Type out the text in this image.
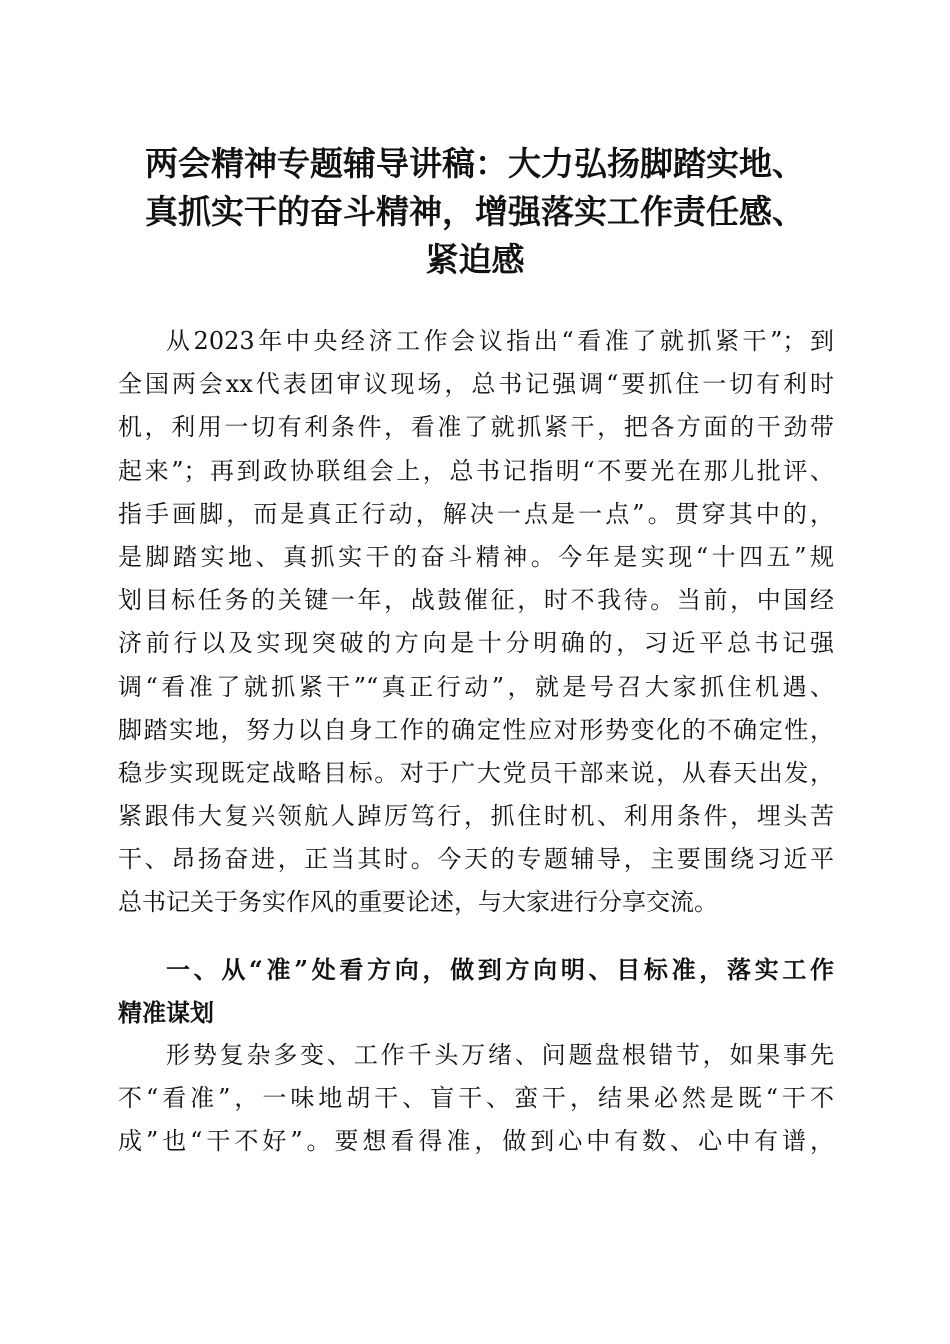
两会精神专题辅导讲稿：大力弘扬脚踏实地、
真抓实干的奋斗精神，增强落实工作责任感、
紧迫感
从2023年中央经济工作会议指出“看准了就抓紧干”；到
全国两会xx代表团审议现场，总书记强调“要抓住一切有利时
机，利用一切有利条件，看准了就抓紧干，把各方面的干劲带
起来”；再到政协联组会上，总书记指明“不要光在那儿批评、
指手画脚，而是真正行动，解决一点是一点”。贯穿其中的，
是脚踏实地、真抓实干的奋斗精神。今年是实现“十四五”规
划目标任务的关键一年，战鼓催征，时不我待。当前，中国经
济前行以及实现突破的方向是十分明确的，习近平总书记强
调“看准了就抓紧干”“真正行动”，就是号召大家抓住机遇、
脚踏实地，努力以自身工作的确定性应对形势变化的不确定性，
稳步实现既定战略目标。对于广大党员干部来说，从春天出发，
紧跟伟大复兴领航人踔厉笃行，抓住时机、利用条件，埋头苦
干、昂扬奋进，正当其时。今天的专题辅导，主要围绕习近平
总书记关于务实作风的重要论述，与大家进行分享交流。
一、从“准”处看方向，做到方向明、目标准，落实工作
精准谋划
形势复杂多变、工作千头万绪、问题盘根错节，如果事先
不“看准”，一味地胡干、盲干、蛮干，结果必然是既“干不
成”也“干不好”。要想看得准，做到心中有数、心中有谱，
